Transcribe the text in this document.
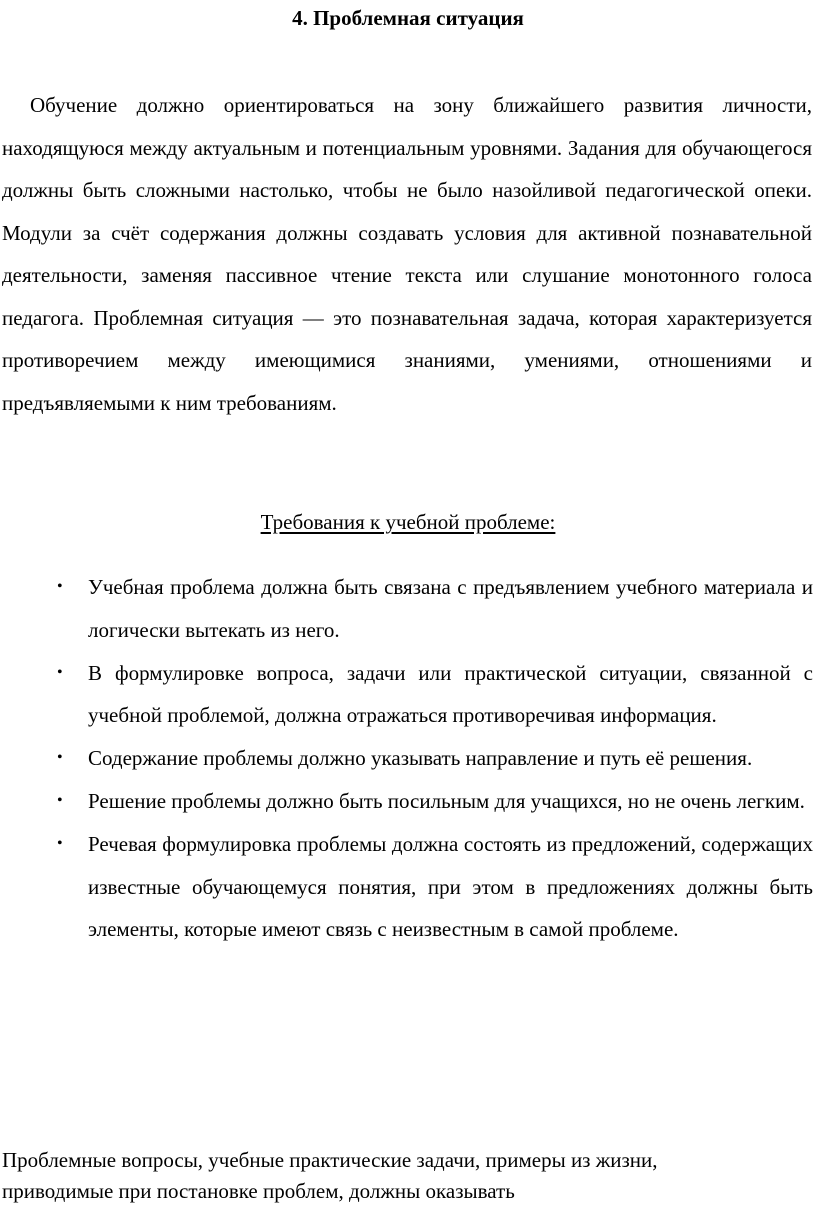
4. Проблемная ситуация

Обучение должно ориентироваться на зону ближайшего развития личности, находящуюся между актуальным и потенциальным уровнями. Задания для обучающегося должны быть сложными настолько, чтобы не было назойливой педагогической опеки. Модули за счёт содержания должны создавать условия для активной познавательной деятельности, заменяя пассивное чтение текста или слушание монотонного голоса педагога. Проблемная ситуация — это познавательная задача, которая характеризуется противоречием между имеющимися знаниями, умениями, отношениями и предъявляемыми к ним требованиям.

Требования к учебной проблеме:

• Учебная проблема должна быть связана с предъявлением учебного материала и логически вытекать из него.
• В формулировке вопроса, задачи или практической ситуации, связанной с учебной проблемой, должна отражаться противоречивая информация.
• Содержание проблемы должно указывать направление и путь её решения.
• Решение проблемы должно быть посильным для учащихся, но не очень легким.
• Речевая формулировка проблемы должна состоять из предложений, содержащих известные обучающемуся понятия, при этом в предложениях должны быть элементы, которые имеют связь с неизвестным в самой проблеме.

Проблемные вопросы, учебные практические задачи, примеры из жизни,
приводимые при постановке проблем, должны оказывать
